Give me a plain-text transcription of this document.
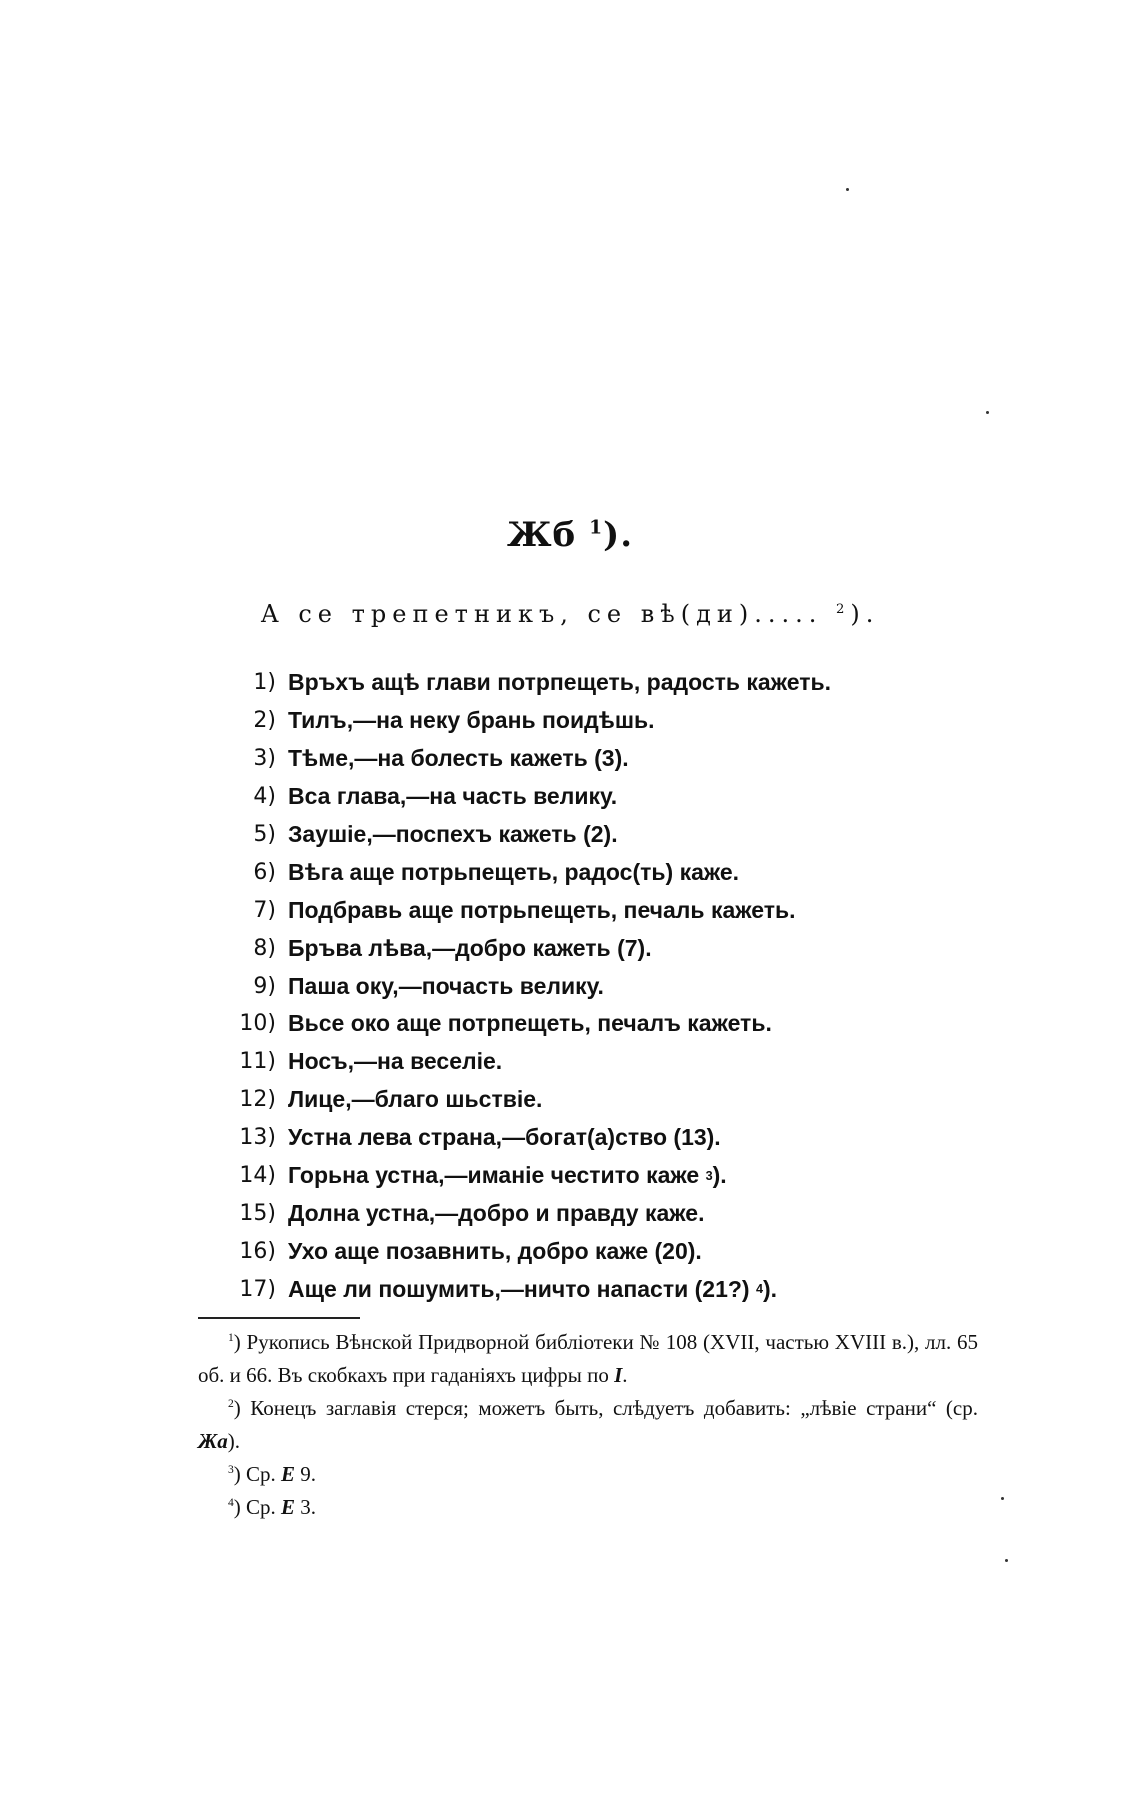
Жб $^1$).
А се трепетникъ, се вѣ(ди)..... $^2$).
1) Връхъ ащѣ глави потрпещеть, радость кажеть.
2) Тилъ,—на неку брань поидѣшь.
3) Тѣме,—на болесть кажеть (3).
4) Вса глава,—на часть велику.
5) Заушіе,—поспехъ кажеть (2).
6) Вѣга аще потрьпещеть, радос(ть) каже.
7) Подбравь аще потрьпещеть, печаль кажеть.
8) Бръва лѣва,—добро кажеть (7).
9) Паша оку,—почасть велику.
10) Вьсе око аще потрпещеть, печалъ кажеть.
11) Носъ,—на веселіе.
12) Лице,—благо шьствіе.
13) Устна лева страна,—богат(а)ство (13).
14) Горьна устна,—иманіе честито каже
3 ).
15) Долна устна,—добро и правду каже.
16) Ухо аще позавнить, добро каже (20).
17) Аще ли пошумить,—ничто напасти (21?)
4 ).

$^1$) Рукопись Вѣнской Придворной библіотеки № 108 (XVII, частью XVIII в.), лл. 65 об. и 66. Въ скобкахъ при гаданіяхъ цифры по I.

$^2$) Конецъ заглавія стерся; можетъ быть, слѣдуетъ добавить: „лѣвіе страни“ (ср. Жа).

$^3$) Ср. Е 9.

$^4$) Ср. Е 3.
